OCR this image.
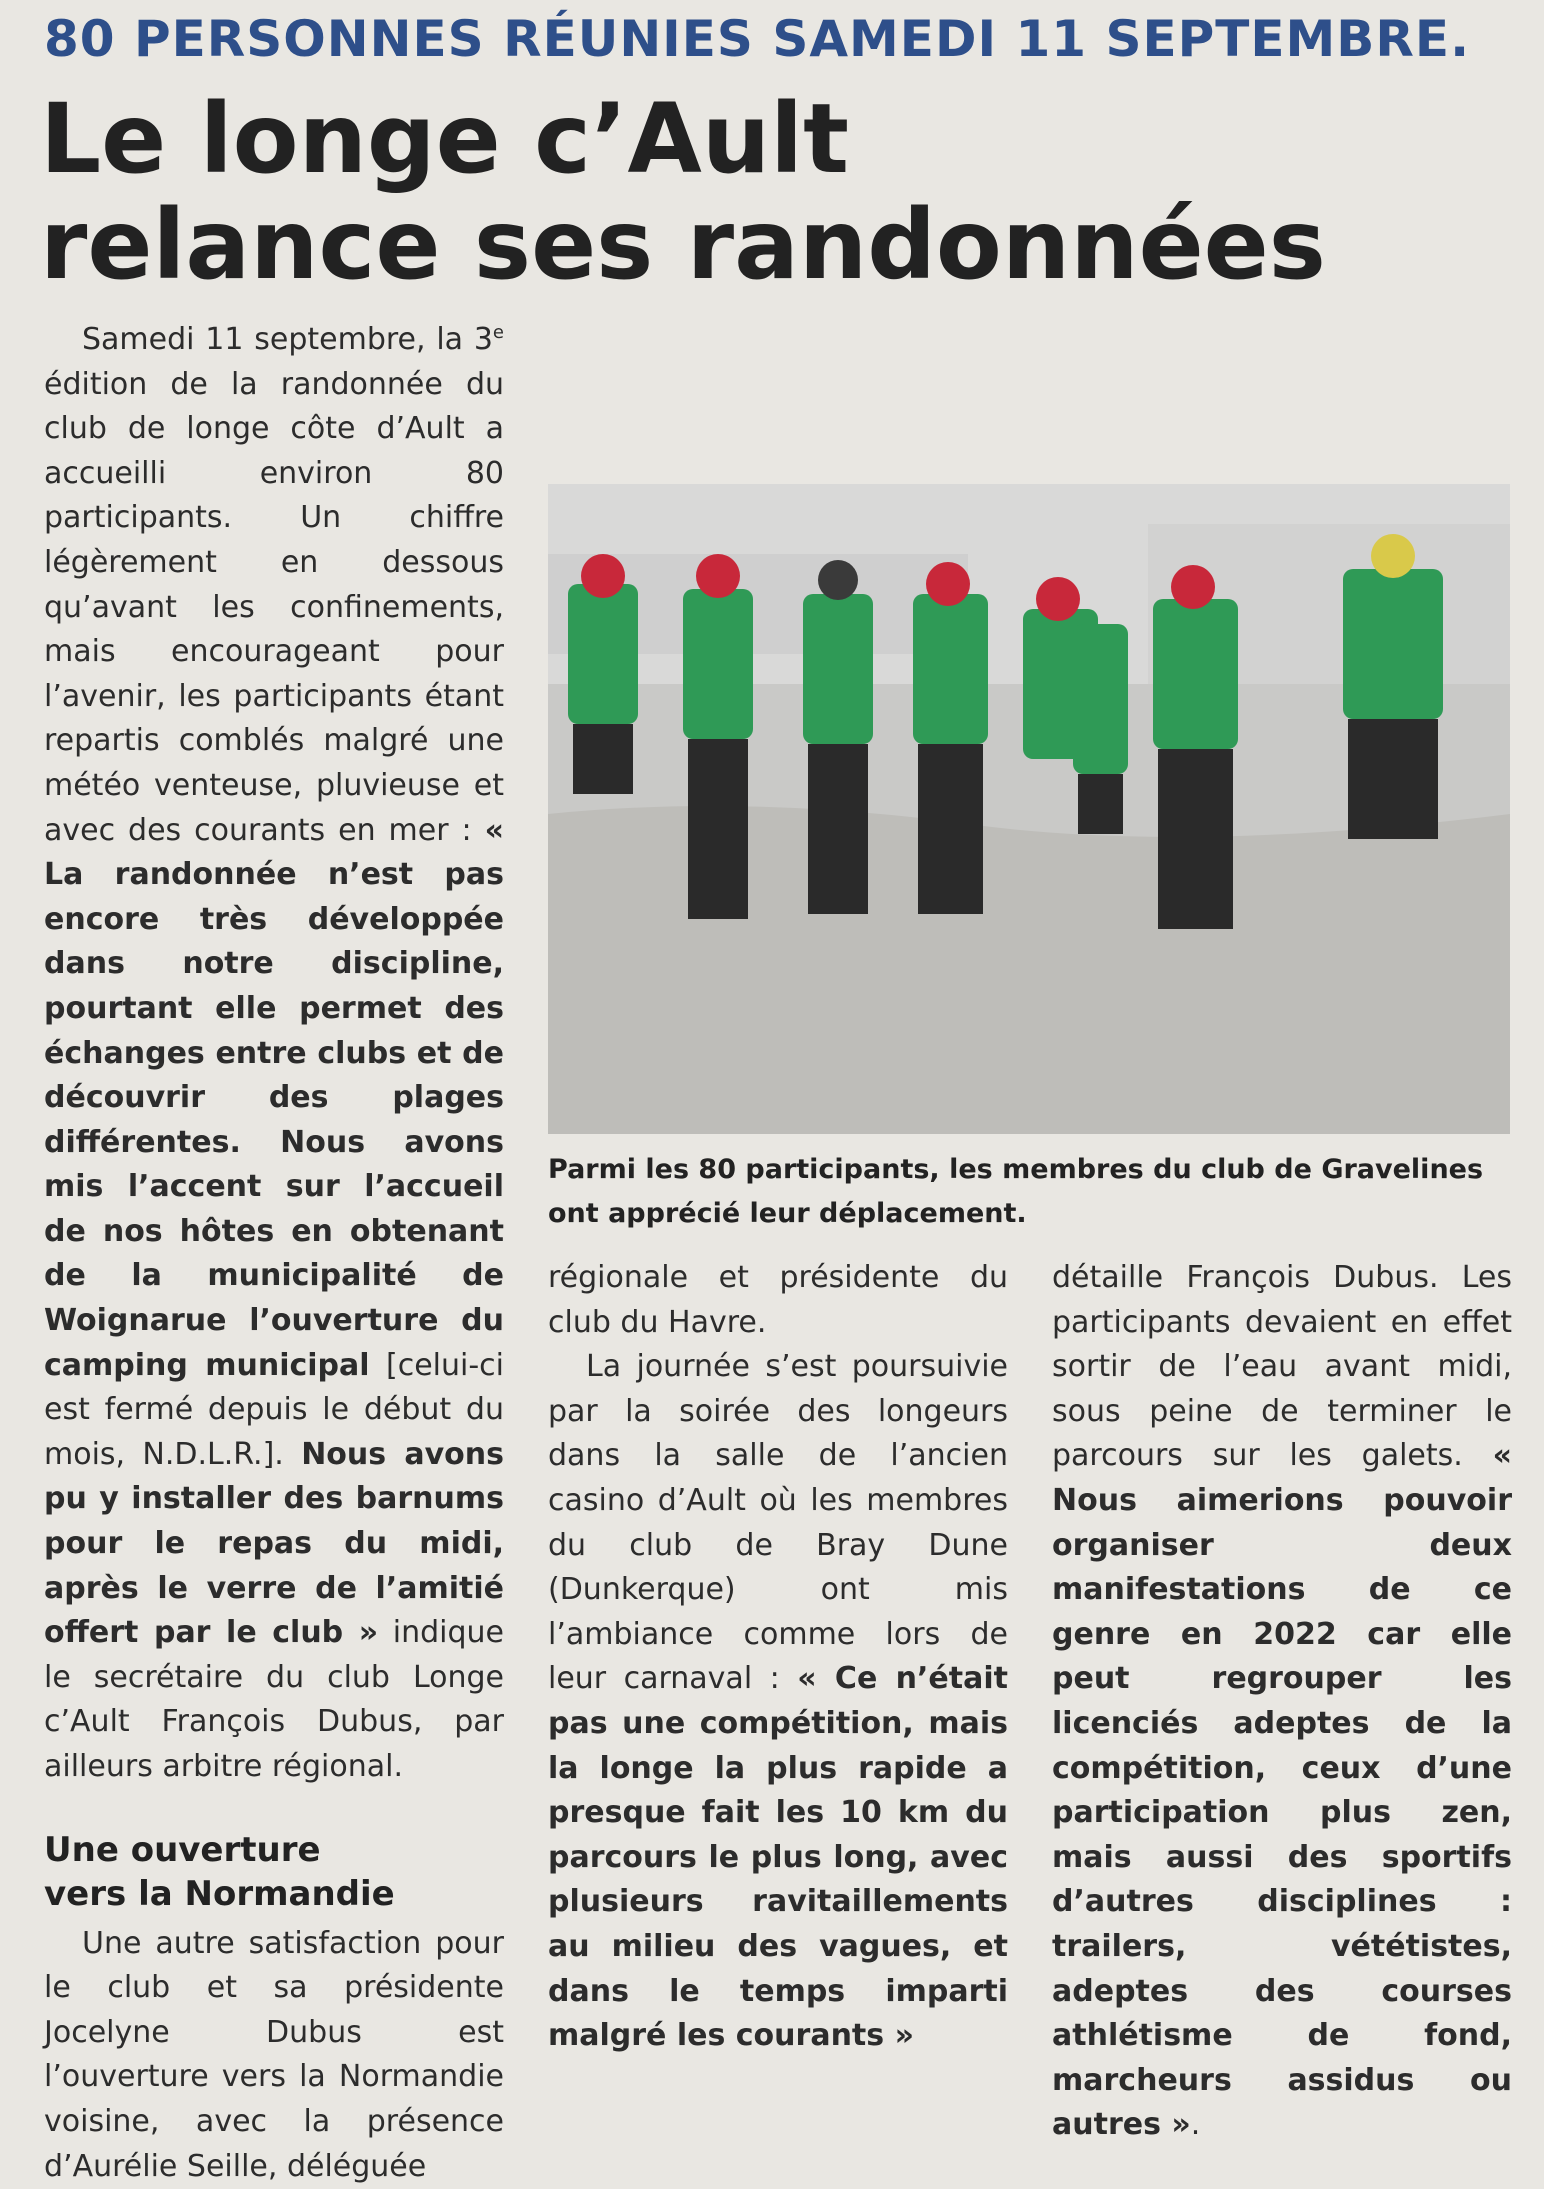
80 PERSONNES RÉUNIES SAMEDI 11 SEPTEMBRE.
Le longe c’Ault
relance ses randonnées

Samedi 11 septembre, la 3e édition de la randonnée du club de longe côte d’Ault a accueilli environ 80 participants. Un chiffre légèrement en dessous qu’avant les confinements, mais encourageant pour l’avenir, les participants étant repartis comblés malgré une météo venteuse, pluvieuse et avec des courants en mer : « La randonnée n’est pas encore très développée dans notre discipline, pourtant elle permet des échanges entre clubs et de découvrir des plages différentes. Nous avons mis l’accent sur l’accueil de nos hôtes en obtenant de la municipalité de Woignarue l’ouverture du camping municipal [celui-ci est fermé depuis le début du mois, N.D.L.R.]. Nous avons pu y installer des barnums pour le repas du midi, après le verre de l’amitié offert par le club » indique le secrétaire du club Longe c’Ault François Dubus, par ailleurs arbitre régional.

Une ouverture
vers la Normandie

Une autre satisfaction pour le club et sa présidente Jocelyne Dubus est l’ouverture vers la Normandie voisine, avec la présence d’Aurélie Seille, déléguée

Parmi les 80 participants, les membres du club de Gravelines ont apprécié leur déplacement.

régionale et présidente du club du Havre.

La journée s’est poursuivie par la soirée des longeurs dans la salle de l’ancien casino d’Ault où les membres du club de Bray Dune (Dunkerque) ont mis l’ambiance comme lors de leur carnaval : « Ce n’était pas une compétition, mais la longe la plus rapide a presque fait les 10 km du parcours le plus long, avec plusieurs ravitaillements au milieu des vagues, et dans le temps imparti malgré les courants »

détaille François Dubus. Les participants devaient en effet sortir de l’eau avant midi, sous peine de terminer le parcours sur les galets. « Nous aimerions pouvoir organiser deux manifestations de ce genre en 2022 car elle peut regrouper les licenciés adeptes de la compétition, ceux d’une participation plus zen, mais aussi des sportifs d’autres disciplines : trailers, vététistes, adeptes des courses athlétisme de fond, marcheurs assidus ou autres ».
